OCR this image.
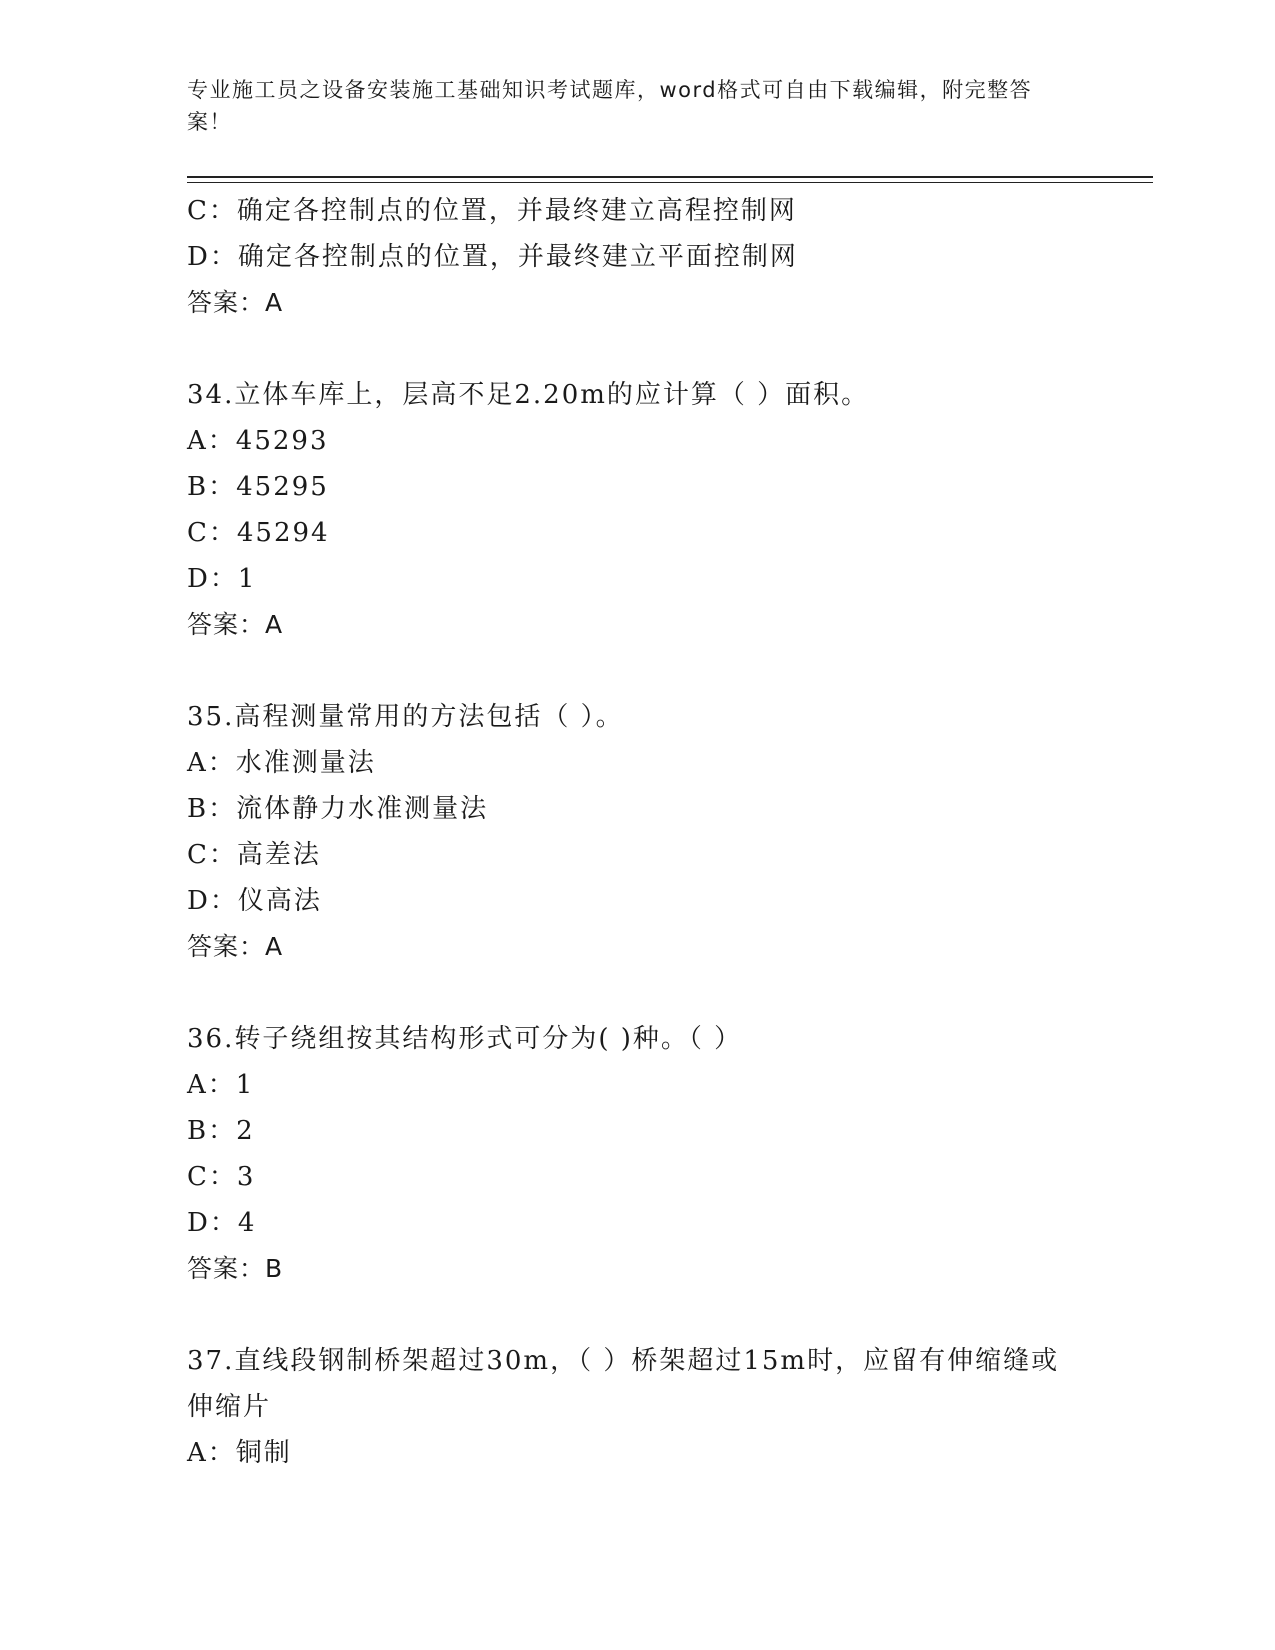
专业施工员之设备安装施工基础知识考试题库，word格式可自由下载编辑，附完整答案！
C：确定各控制点的位置，并最终建立高程控制网
D：确定各控制点的位置，并最终建立平面控制网
答案：A
34.立体车库上，层高不足2.20m的应计算（ ）面积。
A：45293
B：45295
C：45294
D：1
答案：A
35.高程测量常用的方法包括（ ）。
A：水准测量法
B：流体静力水准测量法
C：高差法
D：仪高法
答案：A
36.转子绕组按其结构形式可分为( )种。（ ）
A：1
B：2
C：3
D：4
答案：B
37.直线段钢制桥架超过30m，（ ）桥架超过15m时，应留有伸缩缝或伸缩片
A：铜制
